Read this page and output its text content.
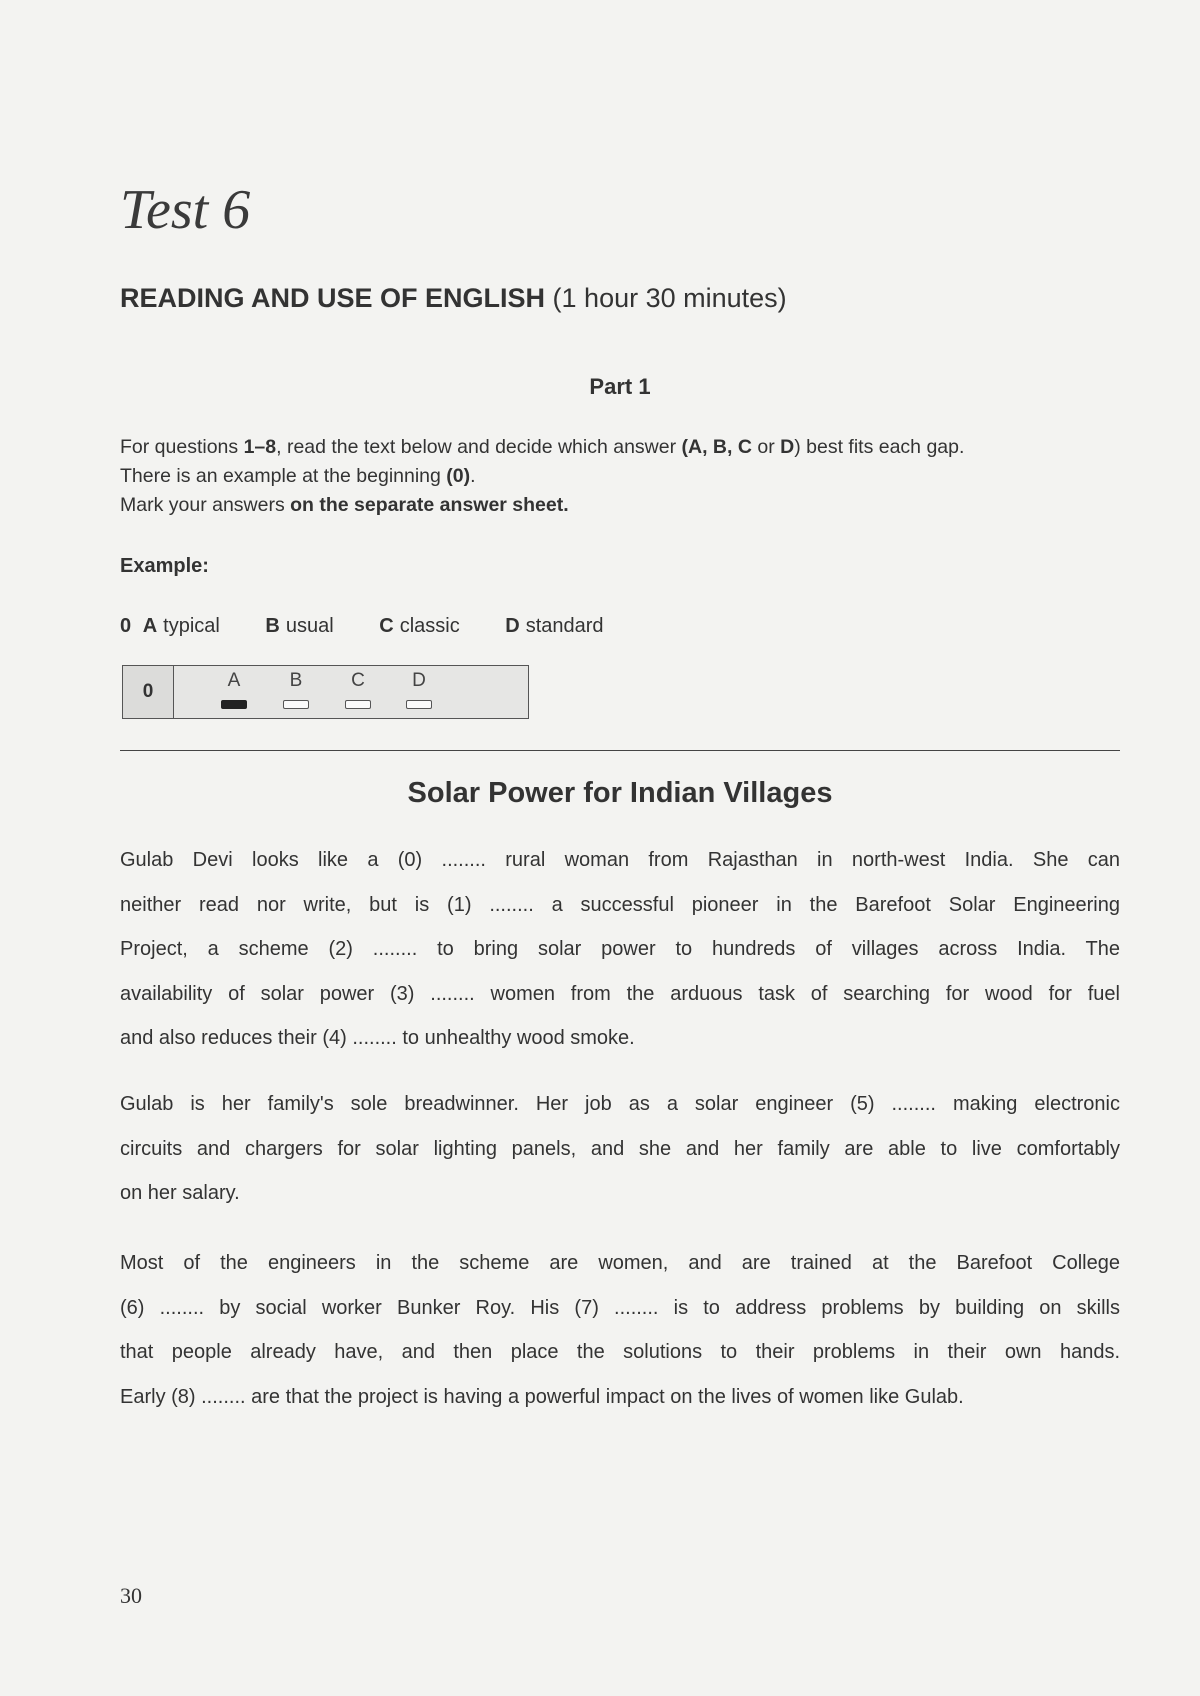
Test 6
READING AND USE OF ENGLISH (1 hour 30 minutes)
Part 1
For questions 1–8, read the text below and decide which answer (A, B, C or D) best fits each gap.
There is an example at the beginning (0).
Mark your answers on the separate answer sheet.
Example:
0 A typical B usual C classic D standard
0
A	B	C	D
Solar Power for Indian Villages

Gulab Devi looks like a (0) ........ rural woman from Rajasthan in north-west India. She can
neither read nor write, but is (1) ........ a successful pioneer in the Barefoot Solar Engineering
Project, a scheme (2) ........ to bring solar power to hundreds of villages across India. The
availability of solar power (3) ........ women from the arduous task of searching for wood for fuel
and also reduces their (4) ........ to unhealthy wood smoke.

Gulab is her family's sole breadwinner. Her job as a solar engineer (5) ........ making electronic
circuits and chargers for solar lighting panels, and she and her family are able to live comfortably
on her salary.

Most of the engineers in the scheme are women, and are trained at the Barefoot College
(6) ........ by social worker Bunker Roy. His (7) ........ is to address problems by building on skills
that people already have, and then place the solutions to their problems in their own hands.
Early (8) ........ are that the project is having a powerful impact on the lives of women like Gulab.

30
